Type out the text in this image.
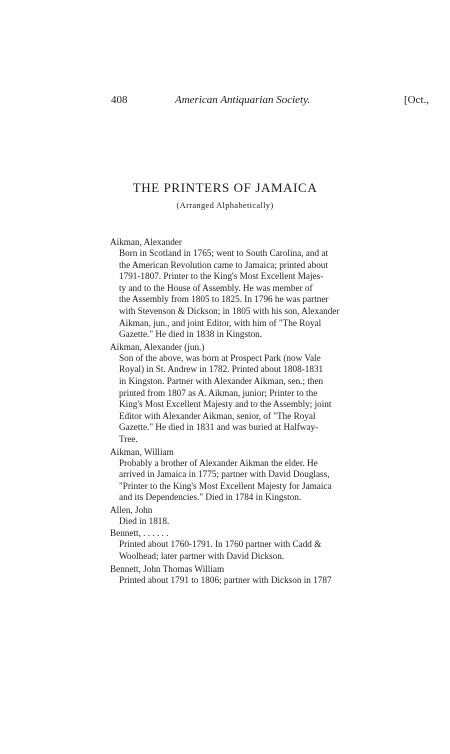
408	American Antiquarian Society.	[Oct.,
THE PRINTERS OF JAMAICA
(Arranged Alphabetically)
Aikman, Alexander
Born in Scotland in 1765; went to South Carolina, and at
the American Revolution came to Jamaica; printed about
1791-1807. Printer to the King's Most Excellent Majes-
ty and to the House of Assembly. He was member of
the Assembly from 1805 to 1825. In 1796 he was partner
with Stevenson & Dickson; in 1805 with his son, Alexander
Aikman, jun., and joint Editor, with him of "The Royal
Gazette." He died in 1838 in Kingston.
Aikman, Alexander (jun.)
Son of the above, was born at Prospect Park (now Vale
Royal) in St. Andrew in 1782. Printed about 1808-1831
in Kingston. Partner with Alexander Aikman, sen.; then
printed from 1807 as A. Aikman, junior; Printer to the
King's Most Excellent Majesty and to the Assembly; joint
Editor with Alexander Aikman, senior, of "The Royal
Gazette." He died in 1831 and was buried at Halfway-
Tree.
Aikman, William
Probably a brother of Alexander Aikman the elder. He
arrived in Jamaica in 1775; partner with David Douglass,
"Printer to the King's Most Excellent Majesty for Jamaica
and its Dependencies." Died in 1784 in Kingston.
Allen, John
Died in 1818.
Bennett, . . . . . .
Printed about 1760-1791. In 1760 partner with Cadd &
Woolhead; later partner with David Dickson.
Bennett, John Thomas William
Printed about 1791 to 1806; partner with Dickson in 1787
